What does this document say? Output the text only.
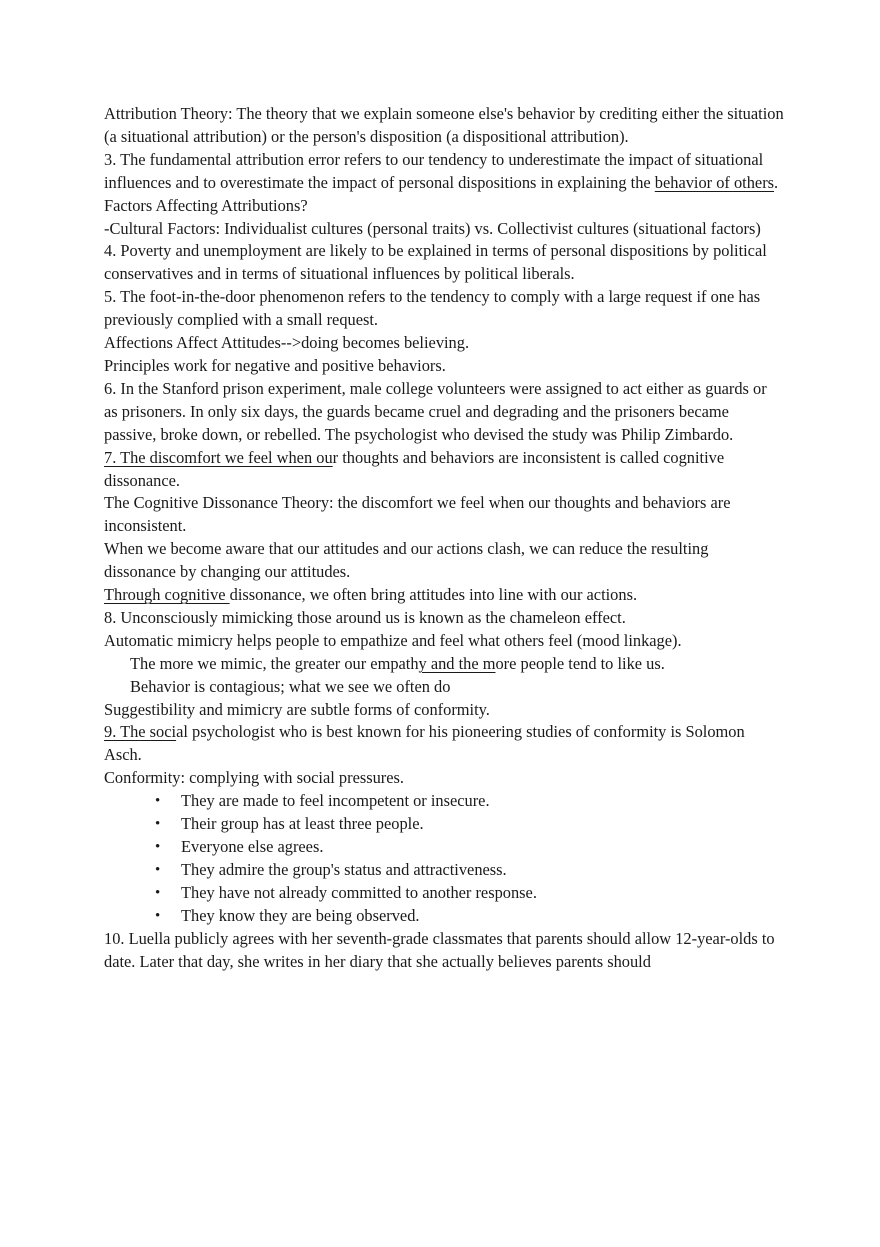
Attribution Theory: The theory that we explain someone else's behavior by crediting either the situation (a situational attribution) or the person's disposition (a dispositional attribution).

3. The fundamental attribution error refers to our tendency to underestimate the impact of situational influences and to overestimate the impact of personal dispositions in explaining the behavior of others.

Factors Affecting Attributions?

-Cultural Factors: Individualist cultures (personal traits) vs. Collectivist cultures (situational factors)

4. Poverty and unemployment are likely to be explained in terms of personal dispositions by political conservatives and in terms of situational influences by political liberals.

5. The foot-in-the-door phenomenon refers to the tendency to comply with a large request if one has previously complied with a small request.

Affections Affect Attitudes-->doing becomes believing.

Principles work for negative and positive behaviors.

6. In the Stanford prison experiment, male college volunteers were assigned to act either as guards or as prisoners. In only six days, the guards became cruel and degrading and the prisoners became passive, broke down, or rebelled. The psychologist who devised the study was Philip Zimbardo.

7. The discomfort we feel when our thoughts and behaviors are inconsistent is called cognitive dissonance.

The Cognitive Dissonance Theory: the discomfort we feel when our thoughts and behaviors are inconsistent.

When we become aware that our attitudes and our actions clash, we can reduce the resulting dissonance by changing our attitudes.

Through cognitive dissonance, we often bring attitudes into line with our actions.

8. Unconsciously mimicking those around us is known as the chameleon effect.

Automatic mimicry helps people to empathize and feel what others feel (mood linkage).

The more we mimic, the greater our empathy and the more people tend to like us.

Behavior is contagious; what we see we often do

Suggestibility and mimicry are subtle forms of conformity.

9. The social psychologist who is best known for his pioneering studies of conformity is Solomon Asch.

Conformity: complying with social pressures.

• They are made to feel incompetent or insecure.
• Their group has at least three people.
• Everyone else agrees.
• They admire the group's status and attractiveness.
• They have not already committed to another response.
• They know they are being observed.

10. Luella publicly agrees with her seventh-grade classmates that parents should allow 12-year-olds to date. Later that day, she writes in her diary that she actually believes parents should
